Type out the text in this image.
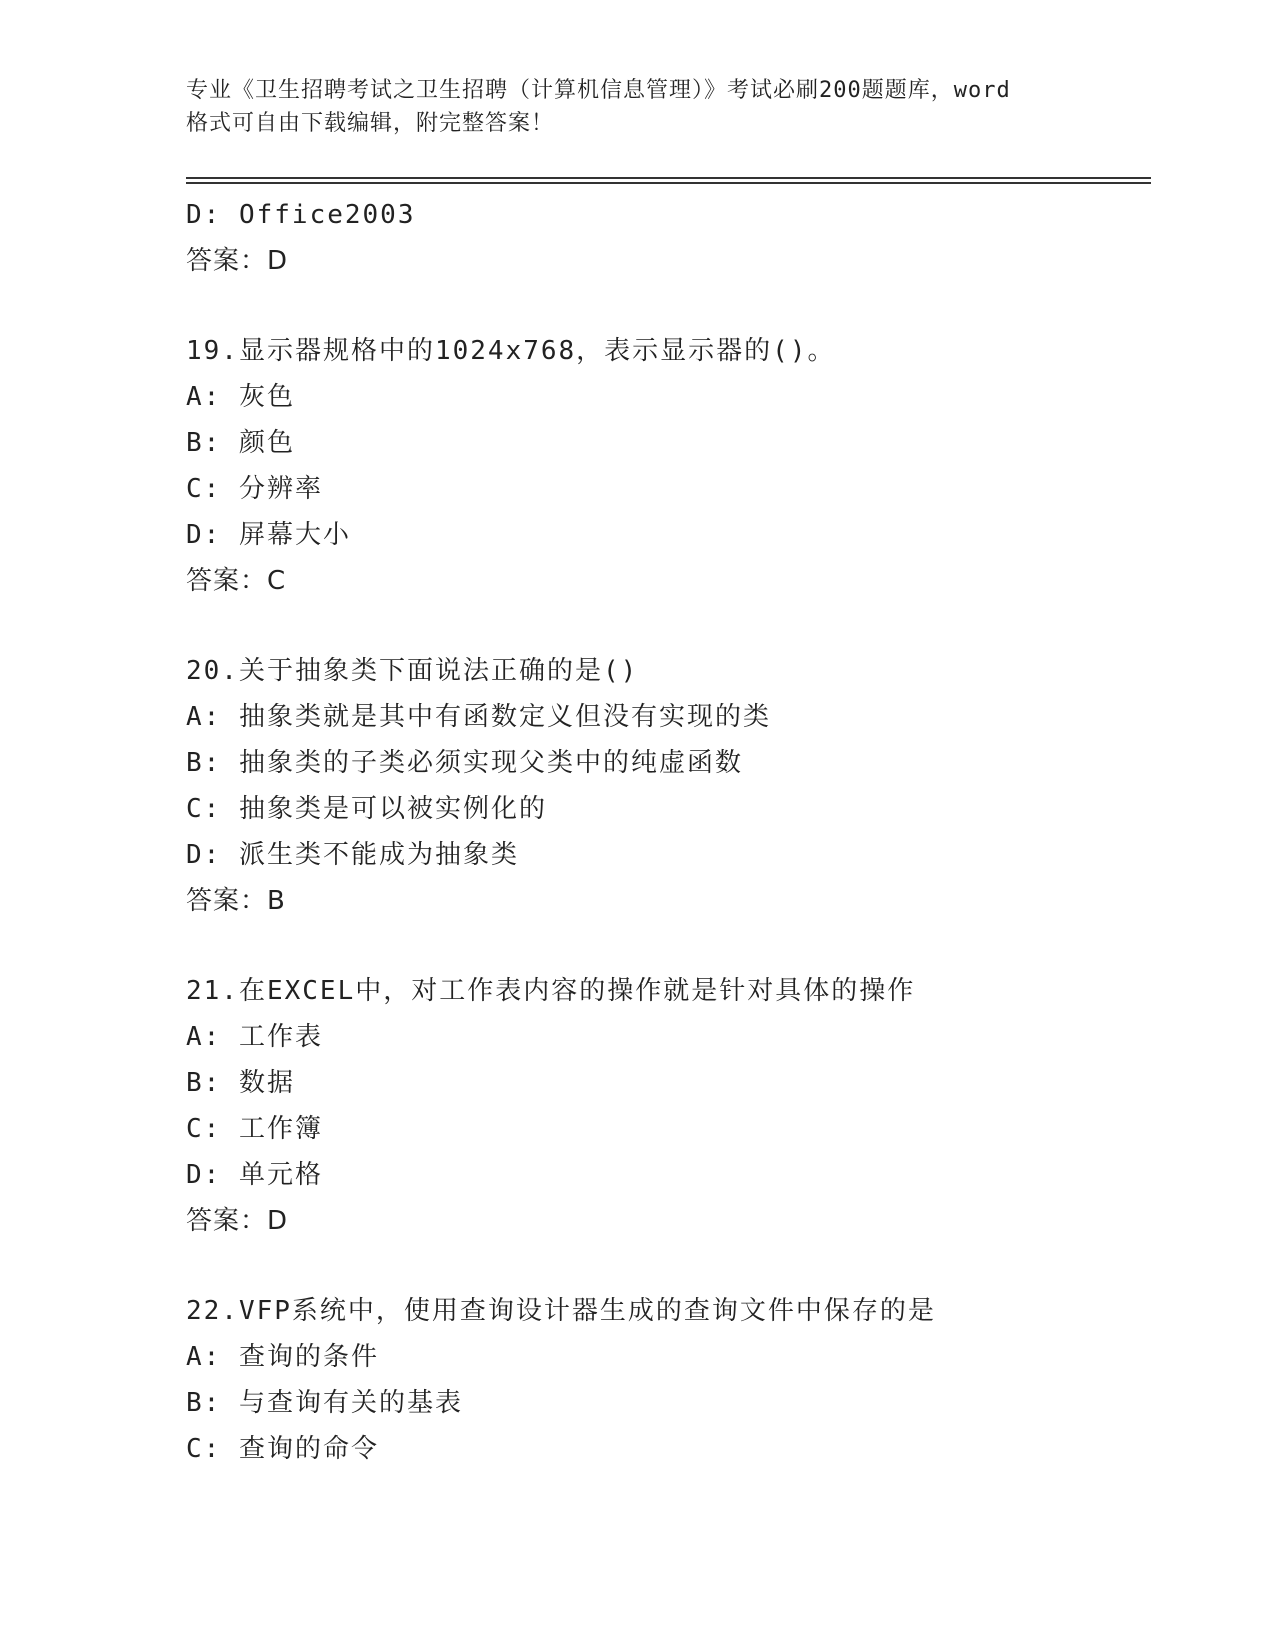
专业《卫生招聘考试之卫生招聘（计算机信息管理）》考试必刷200题题库，word
格式可自由下载编辑，附完整答案！
D: Office2003
答案：D
19.显示器规格中的1024x768，表示显示器的()。
A: 灰色
B: 颜色
C: 分辨率
D: 屏幕大小
答案：C
20.关于抽象类下面说法正确的是()
A: 抽象类就是其中有函数定义但没有实现的类
B: 抽象类的子类必须实现父类中的纯虚函数
C: 抽象类是可以被实例化的
D: 派生类不能成为抽象类
答案：B
21.在EXCEL中，对工作表内容的操作就是针对具体的操作
A: 工作表
B: 数据
C: 工作簿
D: 单元格
答案：D
22.VFP系统中，使用查询设计器生成的查询文件中保存的是
A: 查询的条件
B: 与查询有关的基表
C: 查询的命令
